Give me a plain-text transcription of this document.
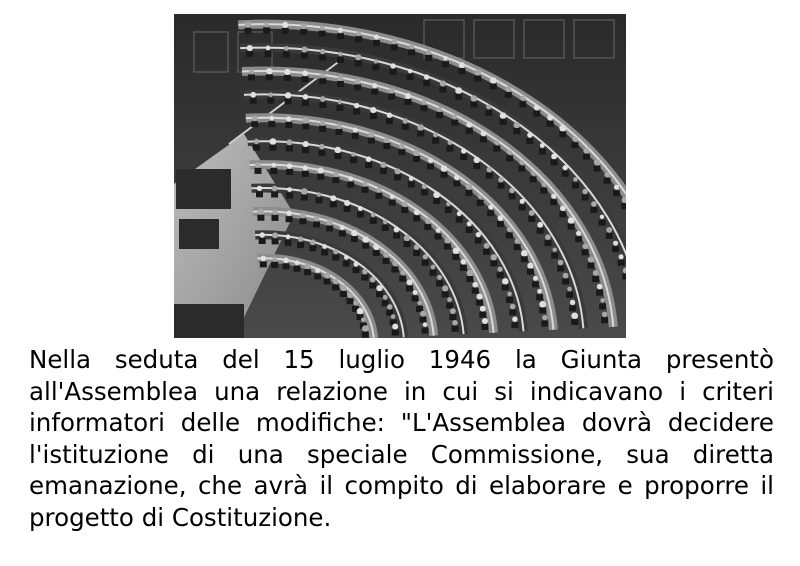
Nella seduta del 15 luglio 1946 la Giunta presentò all'Assemblea una relazione in cui si indicavano i criteri informatori delle modifiche: "L'Assemblea dovrà decidere l'istituzione di una speciale Commissione, sua diretta emanazione, che avrà il compito di elaborare e proporre il progetto di Costituzione.
